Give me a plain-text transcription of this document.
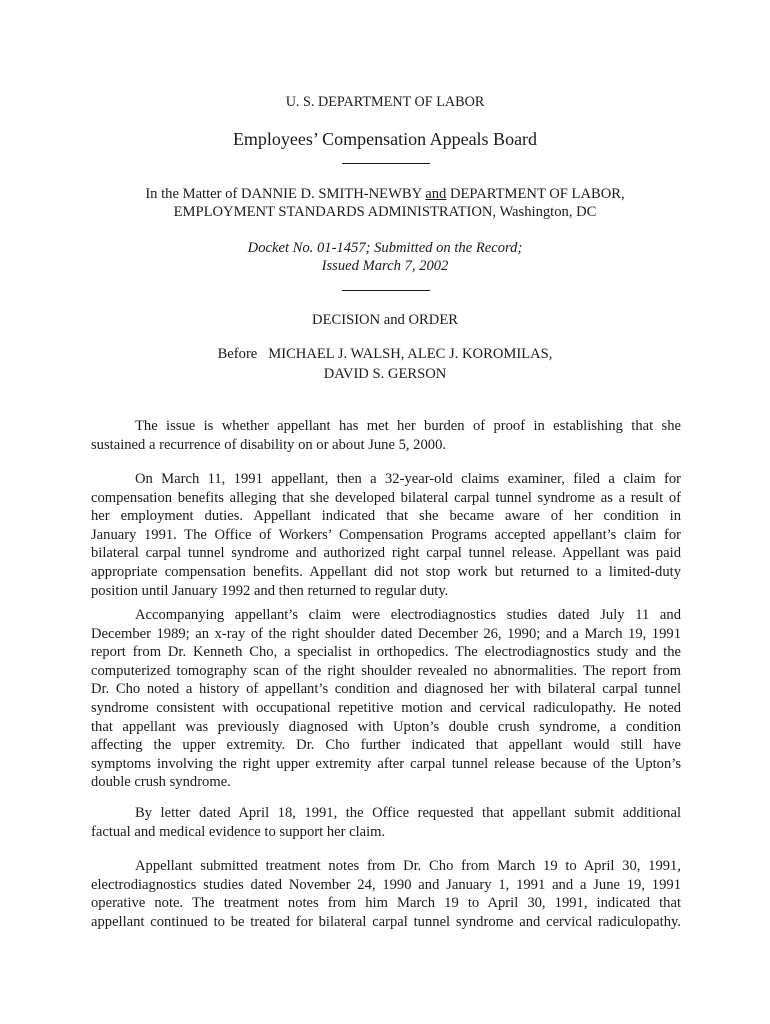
U. S. DEPARTMENT OF LABOR
Employees’ Compensation Appeals Board
In the Matter of DANNIE D. SMITH-NEWBY and DEPARTMENT OF LABOR,
EMPLOYMENT STANDARDS ADMINISTRATION, Washington, DC
Docket No. 01-1457; Submitted on the Record;
Issued March 7, 2002
DECISION and ORDER
Before   MICHAEL J. WALSH, ALEC J. KOROMILAS,
DAVID S. GERSON
The issue is whether appellant has met her burden of proof in establishing that she
sustained a recurrence of disability on or about June 5, 2000.
On March 11, 1991 appellant, then a 32-year-old claims examiner, filed a claim for
compensation benefits alleging that she developed bilateral carpal tunnel syndrome as a result of
her employment duties. Appellant indicated that she became aware of her condition in
January 1991. The Office of Workers’ Compensation Programs accepted appellant’s claim for
bilateral carpal tunnel syndrome and authorized right carpal tunnel release. Appellant was paid
appropriate compensation benefits. Appellant did not stop work but returned to a limited-duty
position until January 1992 and then returned to regular duty.
Accompanying appellant’s claim were electrodiagnostics studies dated July 11 and
December 1989; an x-ray of the right shoulder dated December 26, 1990; and a March 19, 1991
report from Dr. Kenneth Cho, a specialist in orthopedics. The electrodiagnostics study and the
computerized tomography scan of the right shoulder revealed no abnormalities. The report from
Dr. Cho noted a history of appellant’s condition and diagnosed her with bilateral carpal tunnel
syndrome consistent with occupational repetitive motion and cervical radiculopathy. He noted
that appellant was previously diagnosed with Upton’s double crush syndrome, a condition
affecting the upper extremity. Dr. Cho further indicated that appellant would still have
symptoms involving the right upper extremity after carpal tunnel release because of the Upton’s
double crush syndrome.
By letter dated April 18, 1991, the Office requested that appellant submit additional
factual and medical evidence to support her claim.
Appellant submitted treatment notes from Dr. Cho from March 19 to April 30, 1991,
electrodiagnostics studies dated November 24, 1990 and January 1, 1991 and a June 19, 1991
operative note. The treatment notes from him March 19 to April 30, 1991, indicated that
appellant continued to be treated for bilateral carpal tunnel syndrome and cervical radiculopathy.
